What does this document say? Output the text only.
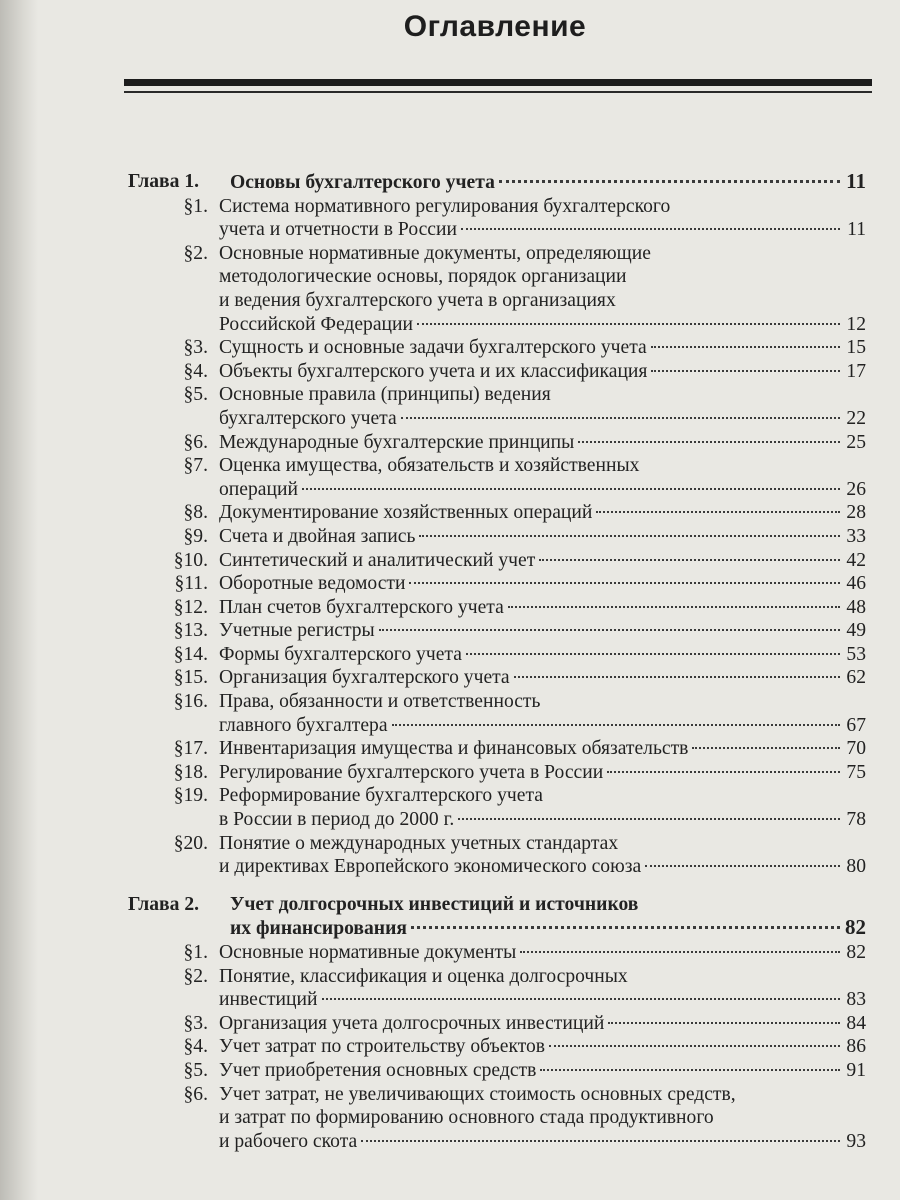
Оглавление
Глава 1.	Основы бухгалтерского учета	11
§1. Система нормативного регулирования бухгалтерского
учета и отчетности в России	11
§2. Основные нормативные документы, определяющие
методологические основы, порядок организации
и ведения бухгалтерского учета в организациях
Российской Федерации	12
§3. Сущность и основные задачи бухгалтерского учета	15
§4. Объекты бухгалтерского учета и их классификация	17
§5. Основные правила (принципы) ведения
бухгалтерского учета	22
§6. Международные бухгалтерские принципы	25
§7. Оценка имущества, обязательств и хозяйственных
операций	26
§8. Документирование хозяйственных операций	28
§9. Счета и двойная запись	33
§10. Синтетический и аналитический учет	42
§11. Оборотные ведомости	46
§12. План счетов бухгалтерского учета	48
§13. Учетные регистры	49
§14. Формы бухгалтерского учета	53
§15. Организация бухгалтерского учета	62
§16. Права, обязанности и ответственность
главного бухгалтера	67
§17. Инвентаризация имущества и финансовых обязательств	70
§18. Регулирование бухгалтерского учета в России	75
§19. Реформирование бухгалтерского учета
в России в период до 2000 г.	78
§20. Понятие о международных учетных стандартах
и директивах Европейского экономического союза	80
Глава 2.	Учет долгосрочных инвестиций и источников
их финансирования	82
§1. Основные нормативные документы	82
§2. Понятие, классификация и оценка долгосрочных
инвестиций	83
§3. Организация учета долгосрочных инвестиций	84
§4. Учет затрат по строительству объектов	86
§5. Учет приобретения основных средств	91
§6. Учет затрат, не увеличивающих стоимость основных средств,
и затрат по формированию основного стада продуктивного
и рабочего скота	93
